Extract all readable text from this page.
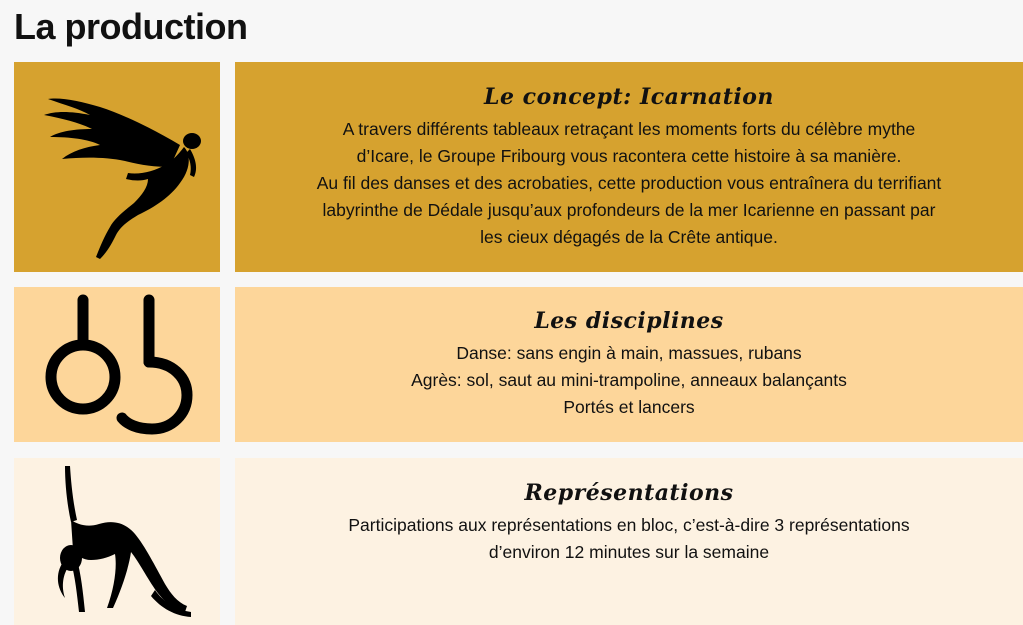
La production
Le concept: Icarnation

A travers différents tableaux retraçant les moments forts du célèbre mythe

d’Icare, le Groupe Fribourg vous racontera cette histoire à sa manière.

Au fil des danses et des acrobaties, cette production vous entraînera du terrifiant

labyrinthe de Dédale jusqu’aux profondeurs de la mer Icarienne en passant par

les cieux dégagés de la Crête antique.

Les disciplines

Danse: sans engin à main, massues, rubans

Agrès: sol, saut au mini-trampoline, anneaux balançants

Portés et lancers

Représentations

Participations aux représentations en bloc, c’est-à-dire 3 représentations

d’environ 12 minutes sur la semaine
